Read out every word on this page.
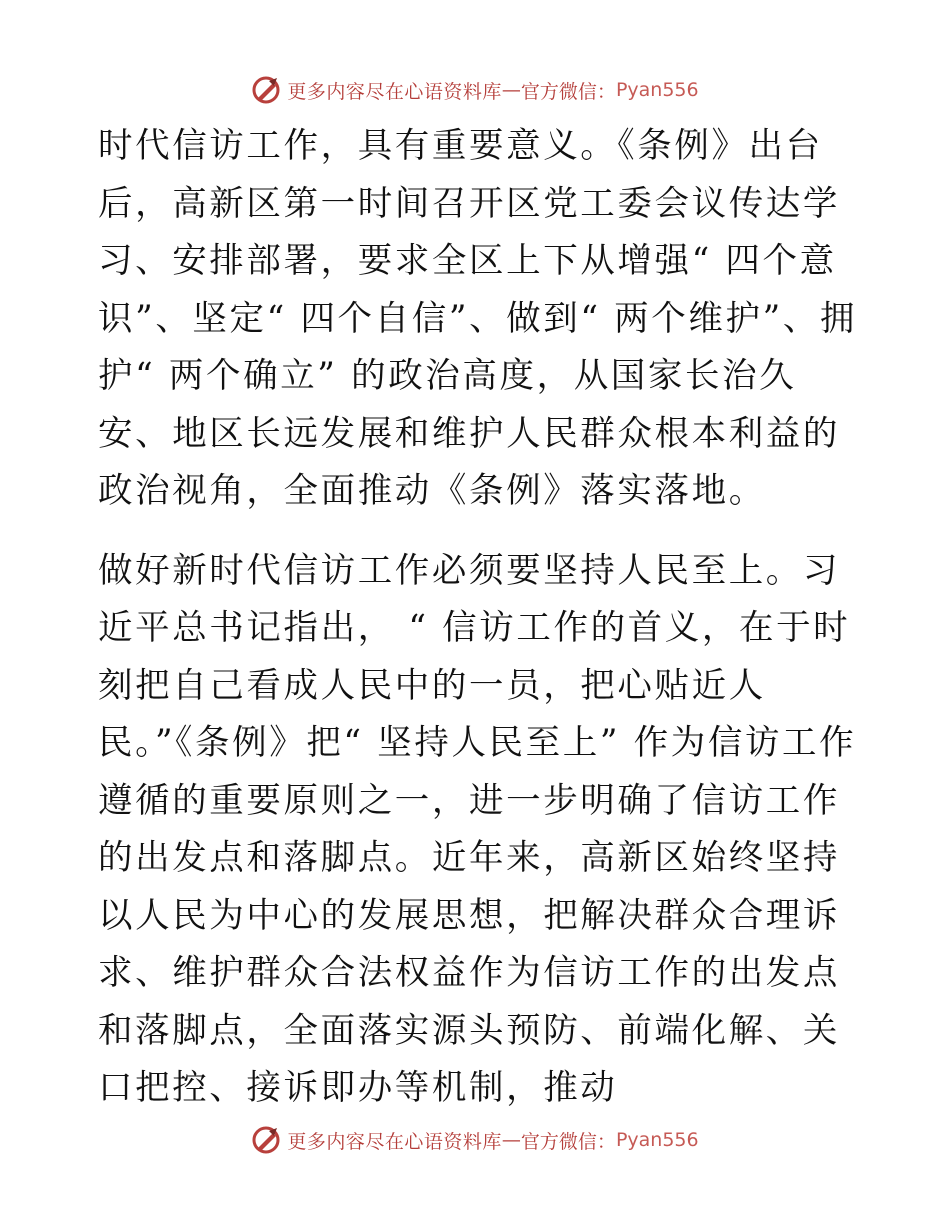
更多内容尽在心语资料库 — 官方微信： Pyan556

时代信访工作，具有重要意义。《条例》出台后，高新区第一时间召开区党工委会议传达学习、安排部署，要求全区上下从增强“ 四个意识”、坚定“ 四个自信”、做到“ 两个维护”、拥护“ 两个确立” 的政治高度，从国家长治久安、地区长远发展和维护人民群众根本利益的政治视角，全面推动《条例》落实落地。

做好新时代信访工作必须要坚持人民至上。习近平总书记指出， “ 信访工作的首义，在于时刻把自己看成人民中的一员，把心贴近人民。”《条例》把“ 坚持人民至上” 作为信访工作遵循的重要原则之一，进一步明确了信访工作的出发点和落脚点。近年来，高新区始终坚持以人民为中心的发展思想，把解决群众合理诉求、维护群众合法权益作为信访工作的出发点和落脚点，全面落实源头预防、前端化解、关口把控、接诉即办等机制，推动

更多内容尽在心语资料库 — 官方微信： Pyan556
